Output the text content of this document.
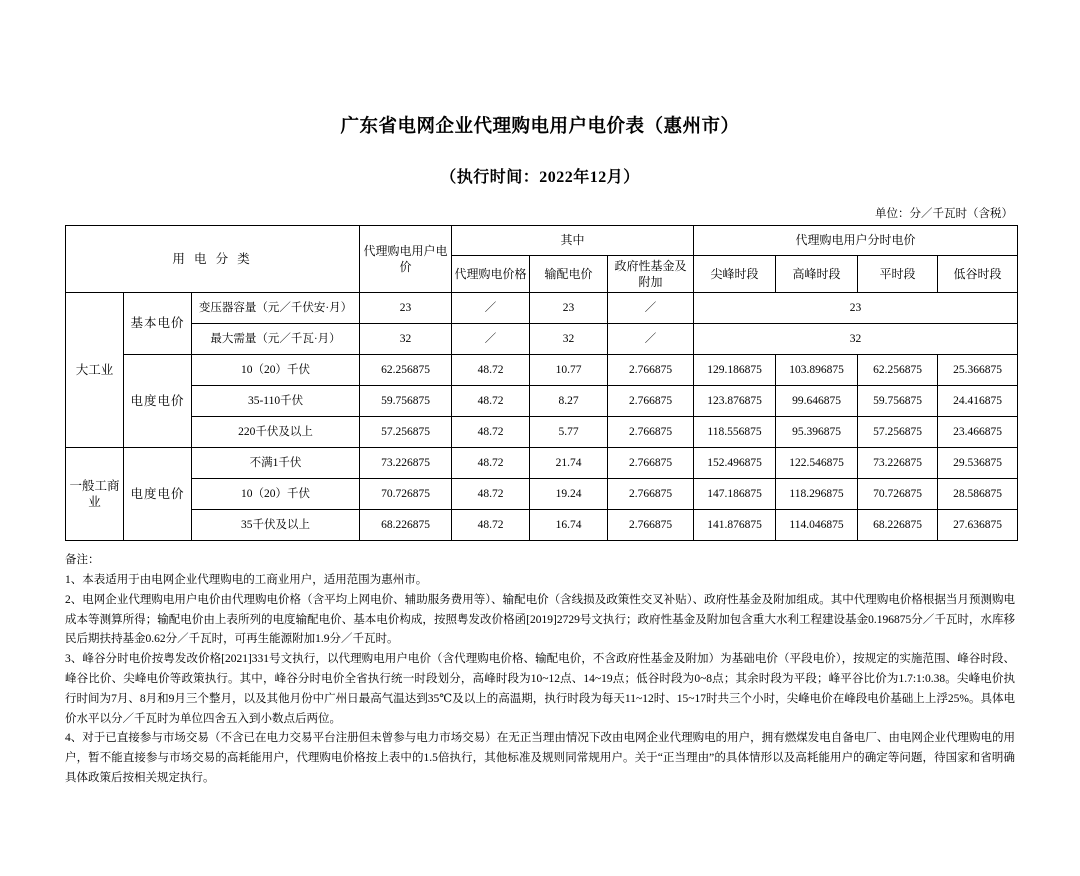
广东省电网企业代理购电用户电价表（惠州市）
（执行时间：2022年12月）
单位：分／千瓦时（含税）
用 电 分 类			代理购电用户电价	其中			代理购电用户分时电价			
				代理购电价格	输配电价	政府性基金及附加	尖峰时段	高峰时段	平时段	低谷时段
大工业	基本电价	变压器容量（元／千伏安·月）	23	／	23	／	23			
		最大需量（元／千瓦·月）	32	／	32	／	32			
	电度电价	10（20）千伏	62.256875	48.72	10.77	2.766875	129.186875	103.896875	62.256875	25.366875
		35-110千伏	59.756875	48.72	8.27	2.766875	123.876875	99.646875	59.756875	24.416875
		220千伏及以上	57.256875	48.72	5.77	2.766875	118.556875	95.396875	57.256875	23.466875
一般工商业	电度电价	不满1千伏	73.226875	48.72	21.74	2.766875	152.496875	122.546875	73.226875	29.536875
		10（20）千伏	70.726875	48.72	19.24	2.766875	147.186875	118.296875	70.726875	28.586875
		35千伏及以上	68.226875	48.72	16.74	2.766875	141.876875	114.046875	68.226875	27.636875

备注：

1、本表适用于由电网企业代理购电的工商业用户，适用范围为惠州市。

2、电网企业代理购电用户电价由代理购电价格（含平均上网电价、辅助服务费用等）、输配电价（含线损及政策性交叉补贴）、政府性基金及附加组成。其中代理购电价格根据当月预测购电成本等测算所得；输配电价由上表所列的电度输配电价、基本电价构成，按照粤发改价格函[2019]2729号文执行；政府性基金及附加包含重大水利工程建设基金0.196875分／千瓦时，水库移民后期扶持基金0.62分／千瓦时，可再生能源附加1.9分／千瓦时。

3、峰谷分时电价按粤发改价格[2021]331号文执行，以代理购电用户电价（含代理购电价格、输配电价，不含政府性基金及附加）为基础电价（平段电价），按规定的实施范围、峰谷时段、峰谷比价、尖峰电价等政策执行。其中，峰谷分时电价全省执行统一时段划分，高峰时段为10~12点、14~19点；低谷时段为0~8点；其余时段为平段；峰平谷比价为1.7:1:0.38。尖峰电价执行时间为7月、8月和9月三个整月，以及其他月份中广州日最高气温达到35℃及以上的高温期，执行时段为每天11~12时、15~17时共三个小时，尖峰电价在峰段电价基础上上浮25%。具体电价水平以分／千瓦时为单位四舍五入到小数点后两位。

4、对于已直接参与市场交易（不含已在电力交易平台注册但未曾参与电力市场交易）在无正当理由情况下改由电网企业代理购电的用户，拥有燃煤发电自备电厂、由电网企业代理购电的用户，暂不能直接参与市场交易的高耗能用户，代理购电价格按上表中的1.5倍执行，其他标准及规则同常规用户。关于“正当理由”的具体情形以及高耗能用户的确定等问题，待国家和省明确具体政策后按相关规定执行。
